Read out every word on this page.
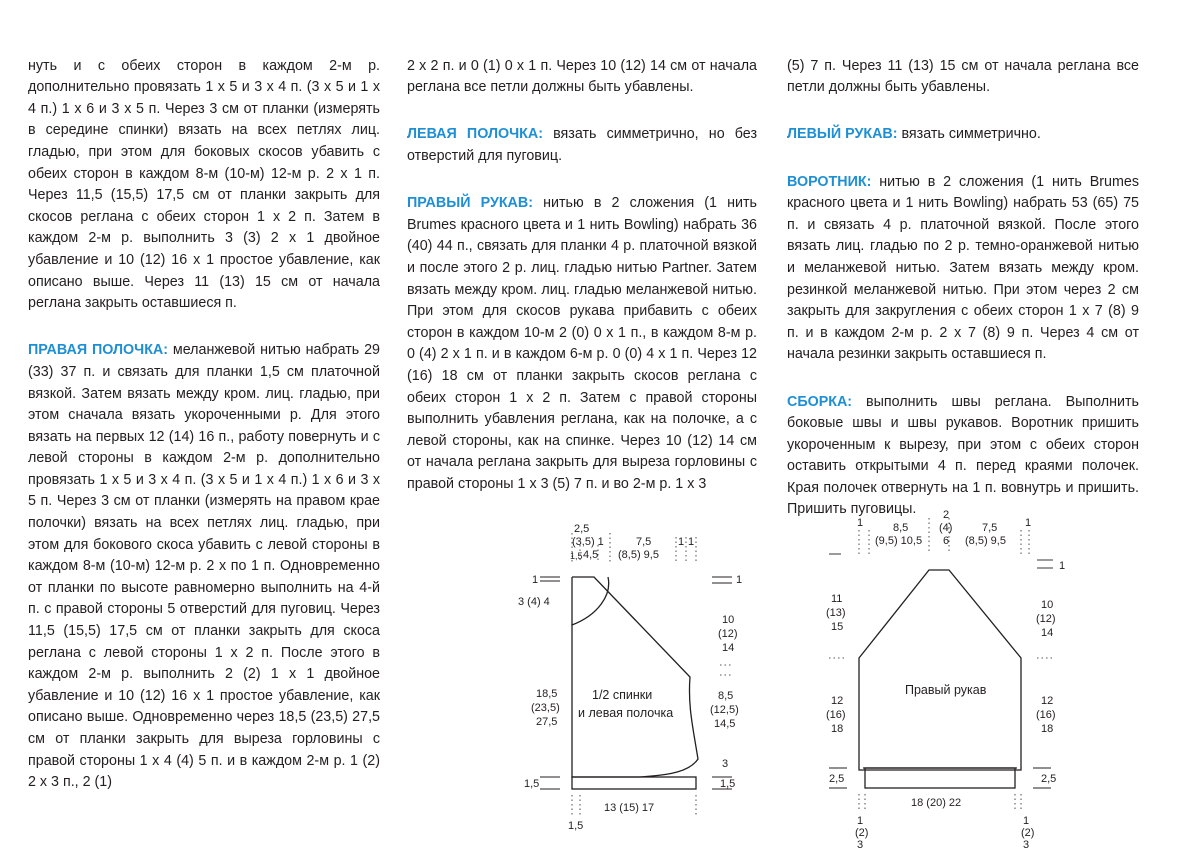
нуть и с обеих сторон в каждом 2-м р. дополнительно провязать 1 х 5 и 3 х 4 п. (3 х 5 и 1 х 4 п.) 1 х 6 и 3 х 5 п. Через 3 см от планки (измерять в середине спинки) вязать на всех петлях лиц. гладью, при этом для боковых скосов убавить с обеих сторон в каждом 8-м (10-м) 12-м р. 2 х 1 п. Через 11,5 (15,5) 17,5 см от планки закрыть для скосов реглана с обеих сторон 1 х 2 п. Затем в каждом 2-м р. выполнить 3 (3) 2 х 1 двойное убавление и 10 (12) 16 х 1 простое убавление, как описано выше. Через 11 (13) 15 см от начала реглана закрыть оставшиеся п.

ПРАВАЯ ПОЛОЧКА: меланжевой нитью набрать 29 (33) 37 п. и связать для планки 1,5 см платочной вязкой. Затем вязать между кром. лиц. гладью, при этом сначала вязать укороченными р. Для этого вязать на первых 12 (14) 16 п., работу повернуть и с левой стороны в каждом 2-м р. дополнительно провязать 1 х 5 и 3 х 4 п. (3 х 5 и 1 х 4 п.) 1 х 6 и 3 х 5 п. Через 3 см от планки (измерять на правом крае полочки) вязать на всех петлях лиц. гладью, при этом для бокового скоса убавить с левой стороны в каждом 8-м (10-м) 12-м р. 2 х по 1 п. Одновременно от планки по высоте равномерно выполнить на 4-й п. с правой стороны 5 отверстий для пуговиц. Через 11,5 (15,5) 17,5 см от планки закрыть для скоса реглана с левой стороны 1 х 2 п. После этого в каждом 2-м р. выполнить 2 (2) 1 х 1 двойное убавление и 10 (12) 16 х 1 простое убавление, как описано выше. Одновременно через 18,5 (23,5) 27,5 см от планки закрыть для выреза горловины с правой стороны 1 х 4 (4) 5 п. и в каждом 2-м р. 1 (2) 2 х 3 п., 2 (1)

2 х 2 п. и 0 (1) 0 х 1 п. Через 10 (12) 14 см от начала реглана все петли должны быть убавлены.

ЛЕВАЯ ПОЛОЧКА: вязать симметрично, но без отверстий для пуговиц.

ПРАВЫЙ РУКАВ: нитью в 2 сложения (1 нить Brumes красного цвета и 1 нить Bowling) набрать 36 (40) 44 п., связать для планки 4 р. платочной вязкой и после этого 2 р. лиц. гладью нитью Partner. Затем вязать между кром. лиц. гладью меланжевой нитью. При этом для скосов рукава прибавить с обеих сторон в каждом 10-м 2 (0) 0 х 1 п., в каждом 8-м р. 0 (4) 2 х 1 п. и в каждом 6-м р. 0 (0) 4 х 1 п. Через 12 (16) 18 см от планки закрыть скосов реглана с обеих сторон 1 х 2 п. Затем с правой стороны выполнить убавления реглана, как на полочке, а с левой стороны, как на спинке. Через 10 (12) 14 см от начала реглана закрыть для выреза горловины с правой стороны 1 х 3 (5) 7 п. и во 2-м р. 1 х 3

(5) 7 п. Через 11 (13) 15 см от начала реглана все петли должны быть убавлены.

ЛЕВЫЙ РУКАВ: вязать симметрично.

ВОРОТНИК: нитью в 2 сложения (1 нить Brumes красного цвета и 1 нить Bowling) набрать 53 (65) 75 п. и связать 4 р. платочной вязкой. После этого вязать лиц. гладью по 2 р. темно-оранжевой нитью и меланжевой нитью. Затем вязать между кром. резинкой меланжевой нитью. При этом через 2 см закрыть для закругления с обеих сторон 1 х 7 (8) 9 п. и в каждом 2-м р. 2 х 7 (8) 9 п. Через 4 см от начала резинки закрыть оставшиеся п.

СБОРКА: выполнить швы реглана. Выполнить боковые швы и швы рукавов. Воротник пришить укороченным к вырезу, при этом с обеих сторон оставить открытыми 4 п. перед краями полочек. Края полочек отвернуть на 1 п. вовнутрь и пришить. Пришить пуговицы.

2,5
(3,5) 1
1,5 4,5
7,5
(8,5) 9,5
1 1
1
3 (4) 4
18,5
(23,5)
27,5
1,5
1
10
(12)
14
8,5
(12,5)
14,5
3
1,5
13 (15) 17
1,5
1/2 спинки
и левая полочка
1	8,5
(9,5) 10,5
2
(4)
6
7,5
(8,5) 9,5
1
1
11
(13)
15
10
(12)
14
12
(16)
18
12
(16)
18
2,5	2,5
18 (20) 22
1
(2)
3
1
(2)
3
Правый рукав
